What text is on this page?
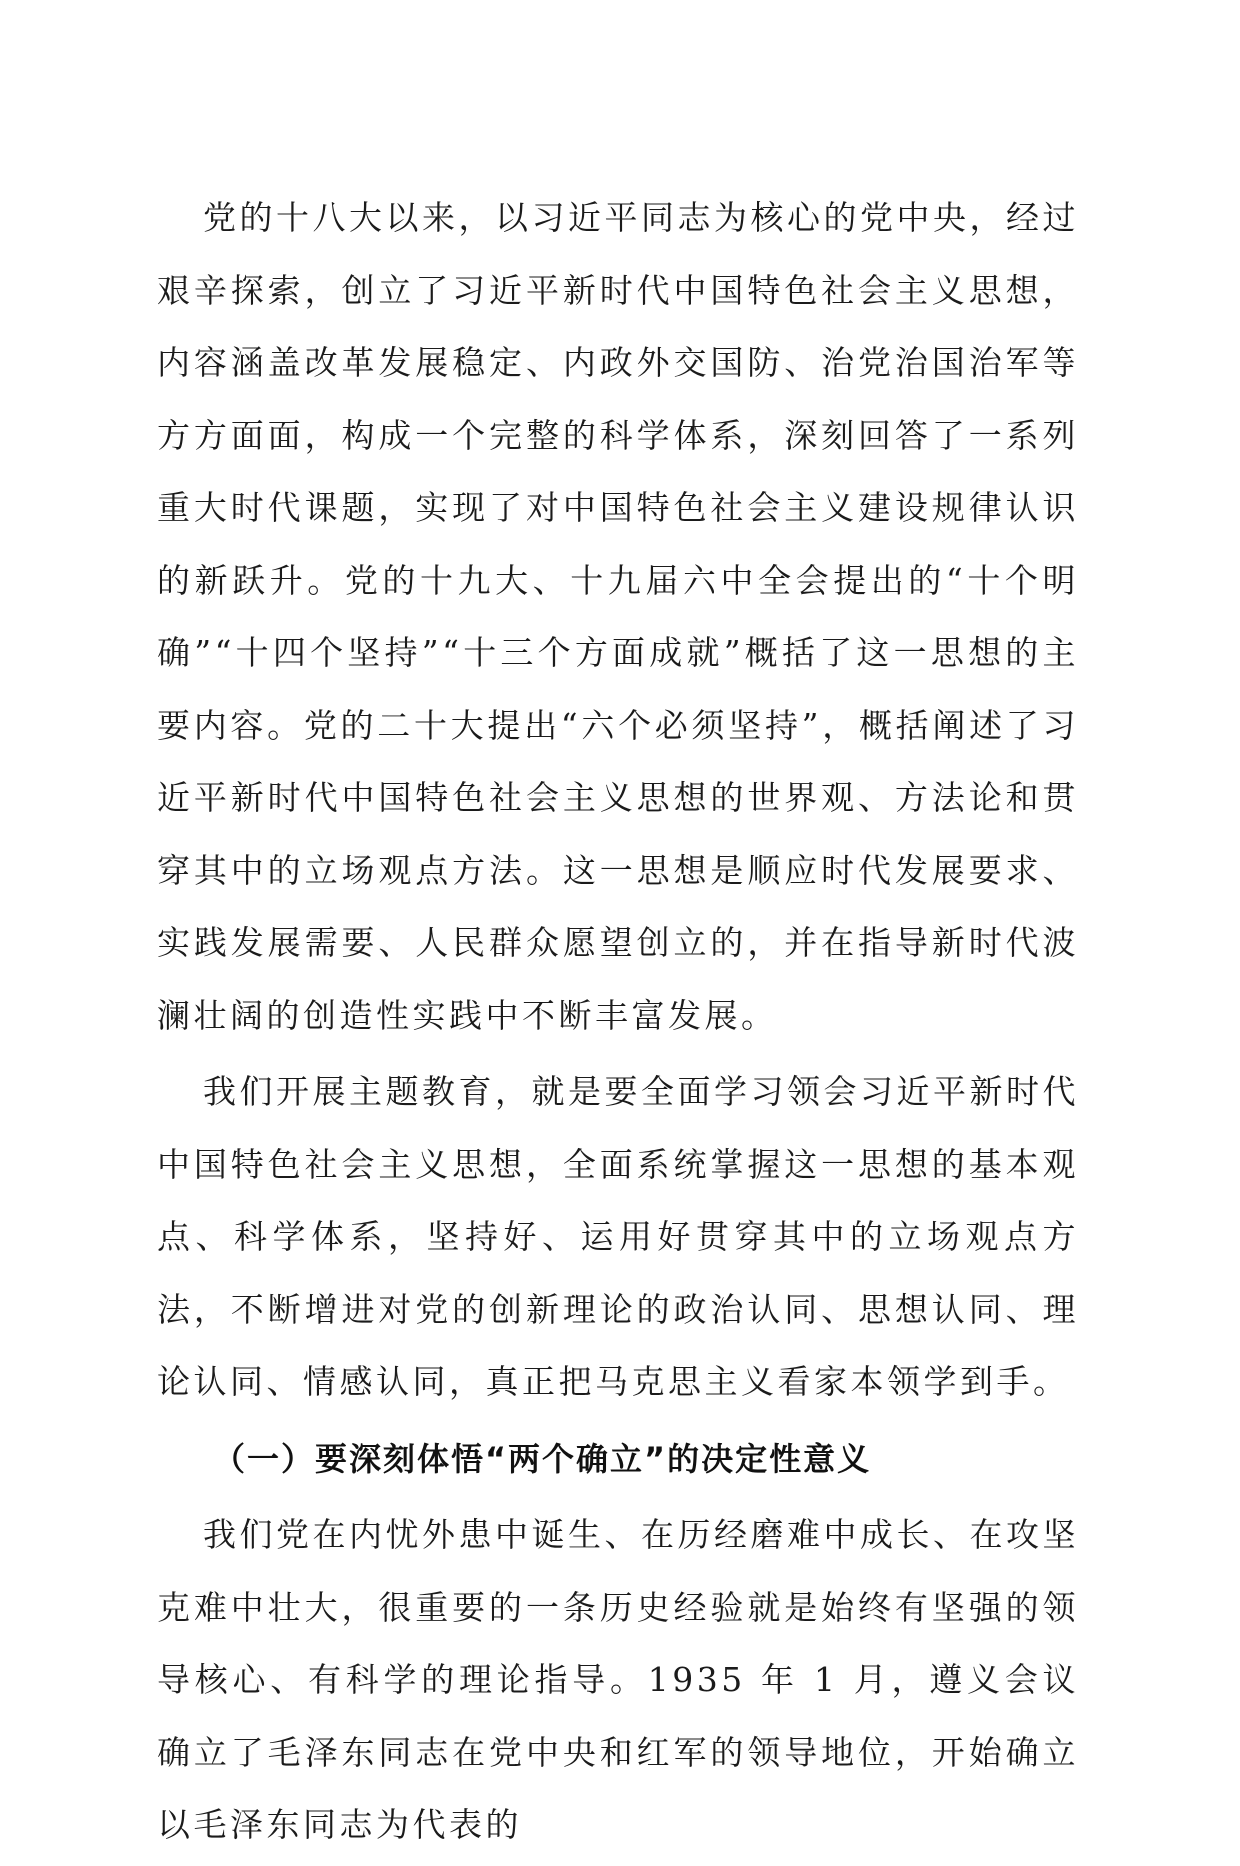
党的十八大以来，以习近平同志为核心的党中央，经过艰辛探索，创立了习近平新时代中国特色社会主义思想，内容涵盖改革发展稳定、内政外交国防、治党治国治军等方方面面，构成一个完整的科学体系，深刻回答了一系列重大时代课题，实现了对中国特色社会主义建设规律认识的新跃升。党的十九大、十九届六中全会提出的“十个明确”“十四个坚持”“十三个方面成就”概括了这一思想的主要内容。党的二十大提出“六个必须坚持”，概括阐述了习近平新时代中国特色社会主义思想的世界观、方法论和贯穿其中的立场观点方法。这一思想是顺应时代发展要求、实践发展需要、人民群众愿望创立的，并在指导新时代波澜壮阔的创造性实践中不断丰富发展。

我们开展主题教育，就是要全面学习领会习近平新时代中国特色社会主义思想，全面系统掌握这一思想的基本观点、科学体系，坚持好、运用好贯穿其中的立场观点方法，不断增进对党的创新理论的政治认同、思想认同、理论认同、情感认同，真正把马克思主义看家本领学到手。

（一）要深刻体悟“两个确立”的决定性意义

我们党在内忧外患中诞生、在历经磨难中成长、在攻坚克难中壮大，很重要的一条历史经验就是始终有坚强的领导核心、有科学的理论指导。1935 年 1 月，遵义会议确立了毛泽东同志在党中央和红军的领导地位，开始确立以毛泽东同志为代表的
